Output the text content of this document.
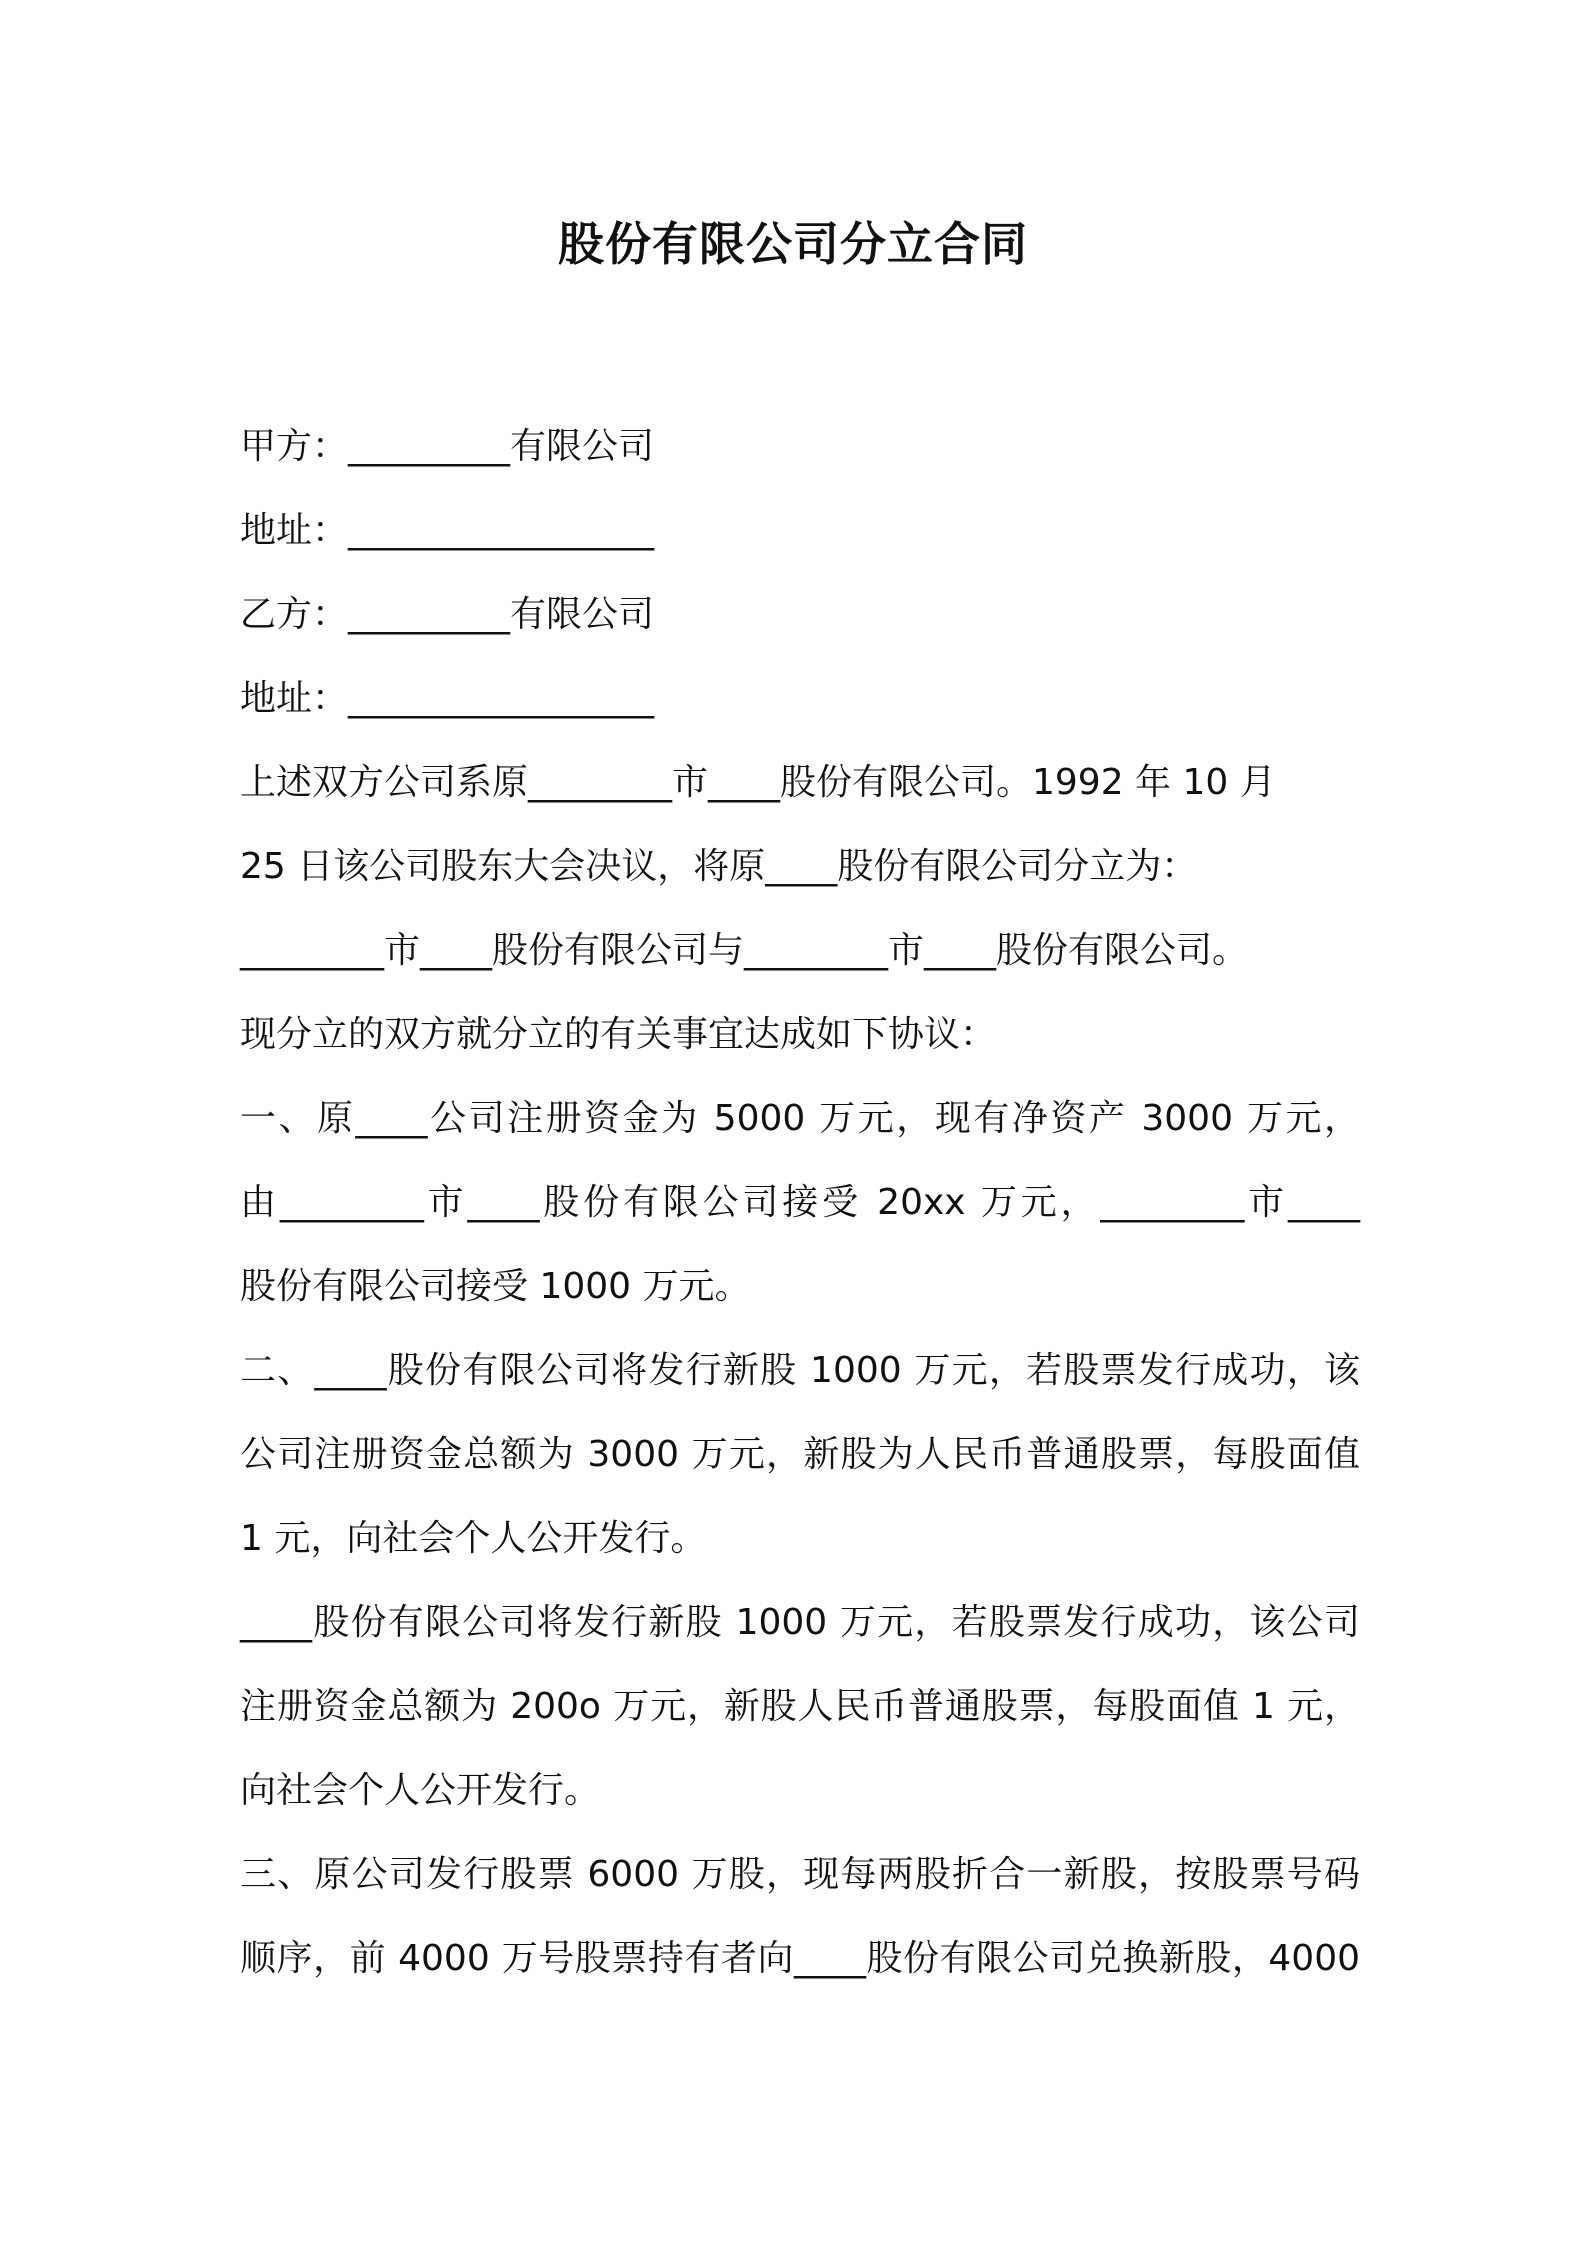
股份有限公司分立合同
甲方：_________有限公司
地址：_________________
乙方：_________有限公司
地址：_________________
上述双方公司系原________市____股份有限公司。1992 年 10 月
25 日该公司股东大会决议，将原____股份有限公司分立为：
________市____股份有限公司与________市____股份有限公司。
现分立的双方就分立的有关事宜达成如下协议：
一、原____公司注册资金为 5000 万元，现有净资产 3000 万元，
由________市____股份有限公司接受 20xx 万元，________市____
股份有限公司接受 1000 万元。
二、____股份有限公司将发行新股 1000 万元，若股票发行成功，该
公司注册资金总额为 3000 万元，新股为人民币普通股票，每股面值
1 元，向社会个人公开发行。
____股份有限公司将发行新股 1000 万元，若股票发行成功，该公司
注册资金总额为 200o 万元，新股人民币普通股票，每股面值 1 元，
向社会个人公开发行。
三、原公司发行股票 6000 万股，现每两股折合一新股，按股票号码
顺序，前 4000 万号股票持有者向____股份有限公司兑换新股，4000
